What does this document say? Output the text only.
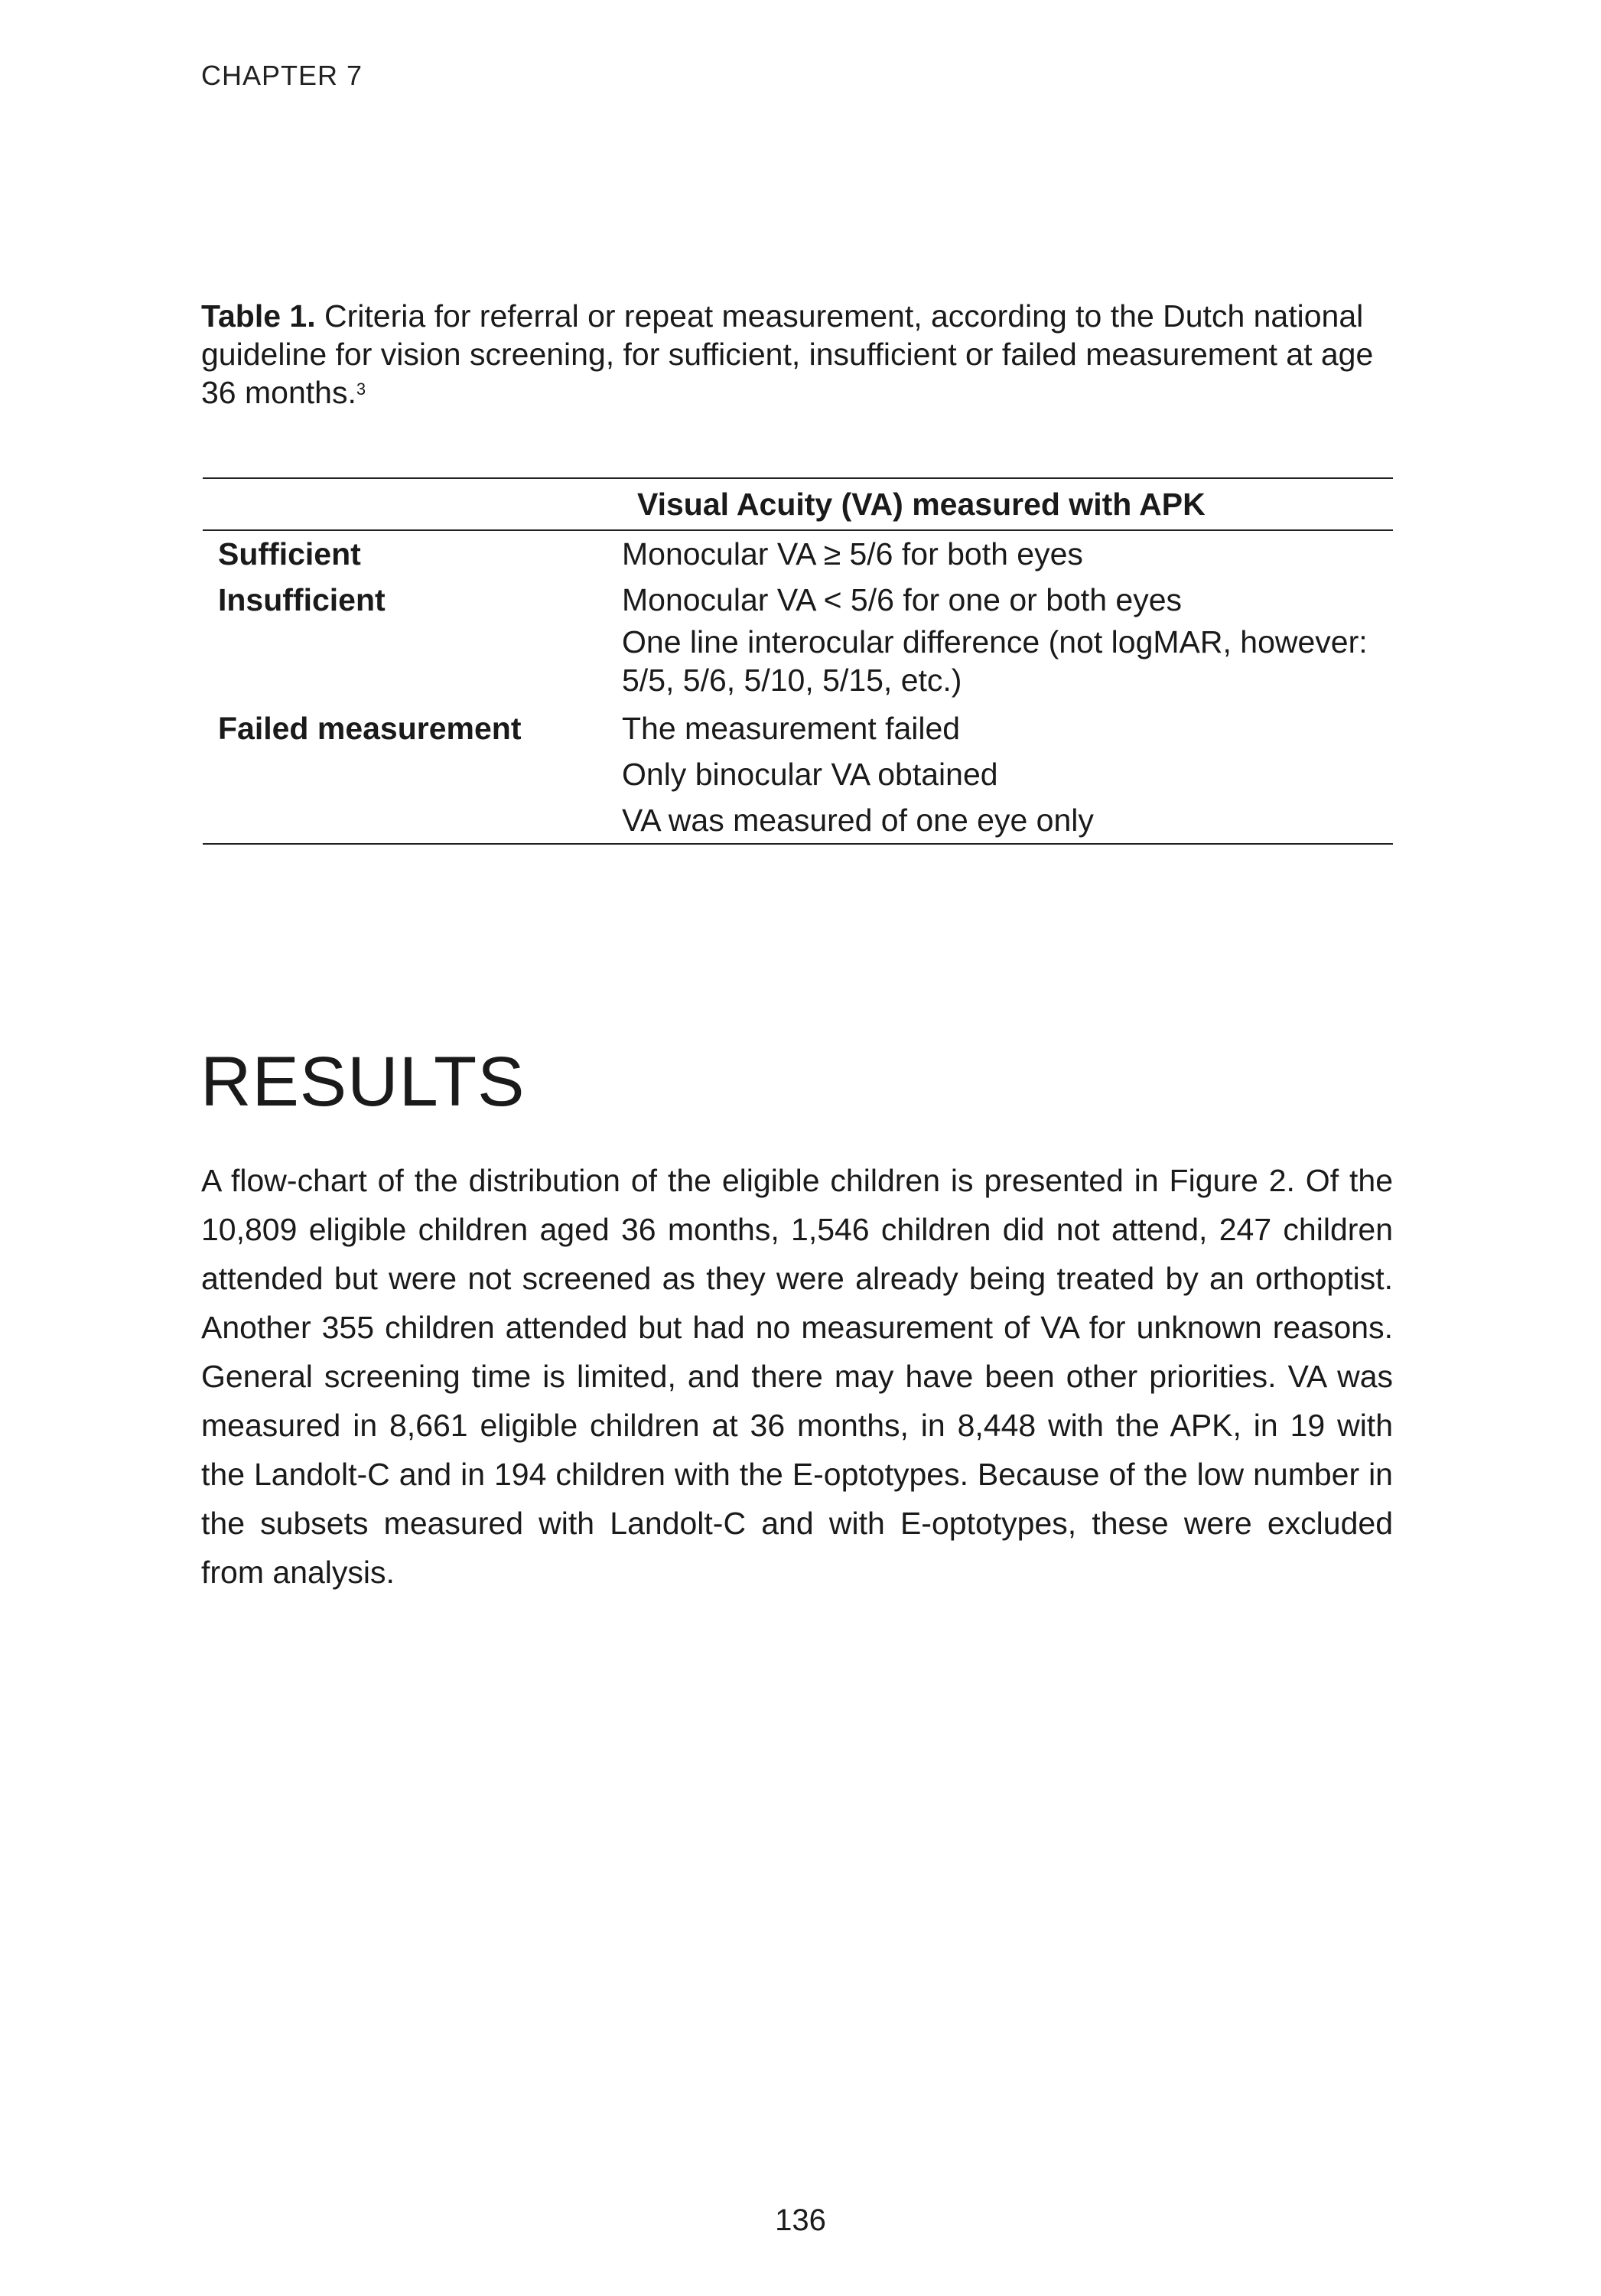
CHAPTER 7
Table 1. Criteria for referral or repeat measurement, according to the Dutch national guideline for vision screening, for sufficient, insufficient or failed measurement at age 36 months.$^3$
Visual Acuity (VA) measured with APK
Sufficient	Monocular VA ≥ 5/6 for both eyes
Insufficient	Monocular VA < 5/6 for one or both eyes
One line interocular difference (not logMAR, however: 5/5, 5/6, 5/10, 5/15, etc.)
Failed measurement	The measurement failed
Only binocular VA obtained
VA was measured of one eye only
RESULTS

A flow-chart of the distribution of the eligible children is presented in Figure 2. Of the 10,809 eligible children aged 36 months, 1,546 children did not attend, 247 children attended but were not screened as they were already being treated by an orthoptist. Another 355 children attended but had no measurement of VA for unknown reasons. General screening time is limited, and there may have been other priorities. VA was measured in 8,661 eligible children at 36 months, in 8,448 with the APK, in 19 with the Landolt-C and in 194 children with the E-optotypes. Because of the low number in the subsets measured with Landolt-C and with E-optotypes, these were excluded from analysis.

136
